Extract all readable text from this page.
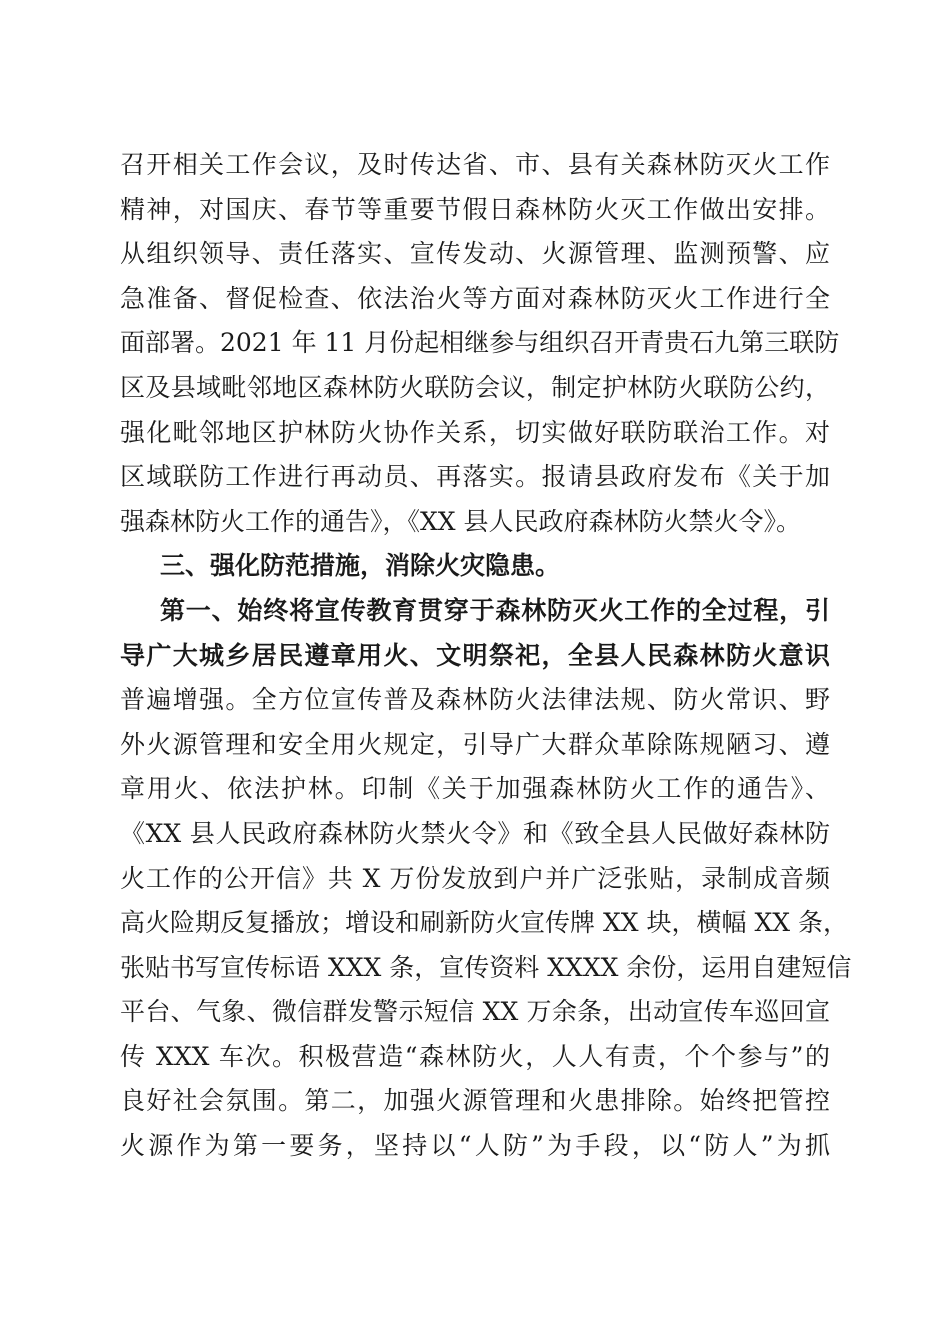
召开相关工作会议，及时传达省、市、县有关森林防灭火工作
精神，对国庆、春节等重要节假日森林防火灭工作做出安排。
从组织领导、责任落实、宣传发动、火源管理、监测预警、应
急准备、督促检查、依法治火等方面对森林防灭火工作进行全
面部署。2021 年 11 月份起相继参与组织召开青贵石九第三联防
区及县域毗邻地区森林防火联防会议，制定护林防火联防公约，
强化毗邻地区护林防火协作关系，切实做好联防联治工作。对
区域联防工作进行再动员、再落实。报请县政府发布《关于加
强森林防火工作的通告》，《XX 县人民政府森林防火禁火令》。
三、强化防范措施，消除火灾隐患。
第一、始终将宣传教育贯穿于森林防灭火工作的全过程，引
导广大城乡居民遵章用火、文明祭祀，全县人民森林防火意识
普遍增强。全方位宣传普及森林防火法律法规、防火常识、野
外火源管理和安全用火规定，引导广大群众革除陈规陋习、遵
章用火、依法护林。印制《关于加强森林防火工作的通告》、
《XX 县人民政府森林防火禁火令》和《致全县人民做好森林防
火工作的公开信》共 X 万份发放到户并广泛张贴，录制成音频
高火险期反复播放；增设和刷新防火宣传牌 XX 块，横幅 XX 条，
张贴书写宣传标语 XXX 条，宣传资料 XXXX 余份，运用自建短信
平台、气象、微信群发警示短信 XX 万余条，出动宣传车巡回宣
传 XXX 车次。积极营造“森林防火，人人有责，个个参与”的
良好社会氛围。第二，加强火源管理和火患排除。始终把管控
火源作为第一要务，坚持以“人防”为手段，以“防人”为抓
